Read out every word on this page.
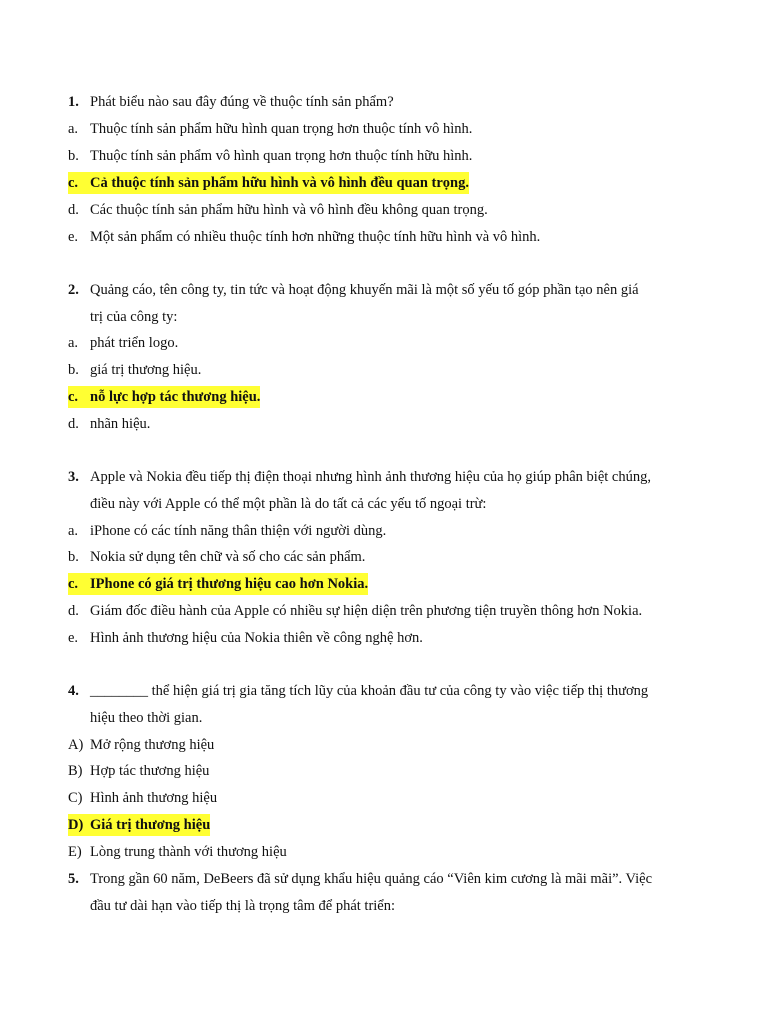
1. Phát biểu nào sau đây đúng về thuộc tính sản phẩm?
a. Thuộc tính sản phẩm hữu hình quan trọng hơn thuộc tính vô hình.
b. Thuộc tính sản phẩm vô hình quan trọng hơn thuộc tính hữu hình.
c. Cả thuộc tính sản phẩm hữu hình và vô hình đều quan trọng.
d. Các thuộc tính sản phẩm hữu hình và vô hình đều không quan trọng.
e. Một sản phẩm có nhiều thuộc tính hơn những thuộc tính hữu hình và vô hình.
2. Quảng cáo, tên công ty, tin tức và hoạt động khuyến mãi là một số yếu tố góp phần tạo nên giá
trị của công ty:
a. phát triển logo.
b. giá trị thương hiệu.
c. nỗ lực hợp tác thương hiệu.
d. nhãn hiệu.
3. Apple và Nokia đều tiếp thị điện thoại nhưng hình ảnh thương hiệu của họ giúp phân biệt chúng,
điều này với Apple có thể một phần là do tất cả các yếu tố ngoại trừ:
a. iPhone có các tính năng thân thiện với người dùng.
b. Nokia sử dụng tên chữ và số cho các sản phẩm.
c. IPhone có giá trị thương hiệu cao hơn Nokia.
d. Giám đốc điều hành của Apple có nhiều sự hiện diện trên phương tiện truyền thông hơn Nokia.
e. Hình ảnh thương hiệu của Nokia thiên về công nghệ hơn.
4. ________ thể hiện giá trị gia tăng tích lũy của khoản đầu tư của công ty vào việc tiếp thị thương
hiệu theo thời gian.
A) Mở rộng thương hiệu
B) Hợp tác thương hiệu
C) Hình ảnh thương hiệu
D) Giá trị thương hiệu
E) Lòng trung thành với thương hiệu
5. Trong gần 60 năm, DeBeers đã sử dụng khẩu hiệu quảng cáo “Viên kim cương là mãi mãi”. Việc
đầu tư dài hạn vào tiếp thị là trọng tâm để phát triển:
